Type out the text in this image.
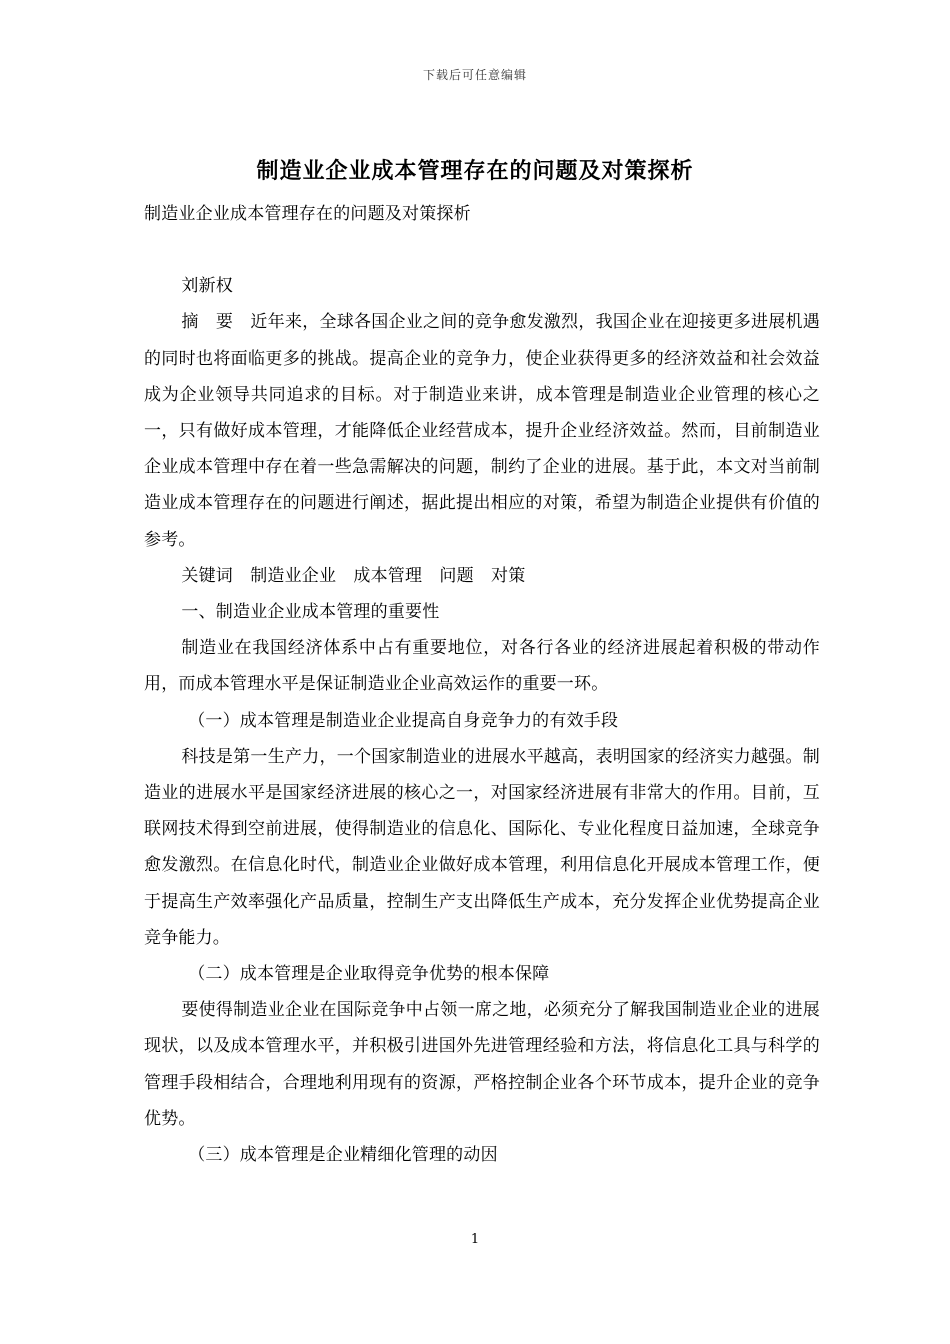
下载后可任意编辑
制造业企业成本管理存在的问题及对策探析

制造业企业成本管理存在的问题及对策探析

刘新权

摘　要　近年来，全球各国企业之间的竞争愈发激烈，我国企业在迎接更多进展机遇的同时也将面临更多的挑战。提高企业的竞争力，使企业获得更多的经济效益和社会效益成为企业领导共同追求的目标。对于制造业来讲，成本管理是制造业企业管理的核心之一，只有做好成本管理，才能降低企业经营成本，提升企业经济效益。然而，目前制造业企业成本管理中存在着一些急需解决的问题，制约了企业的进展。基于此，本文对当前制造业成本管理存在的问题进行阐述，据此提出相应的对策，希望为制造企业提供有价值的参考。

关键词　制造业企业　成本管理　问题　对策

一、制造业企业成本管理的重要性

制造业在我国经济体系中占有重要地位，对各行各业的经济进展起着积极的带动作用，而成本管理水平是保证制造业企业高效运作的重要一环。

（一）成本管理是制造业企业提高自身竞争力的有效手段

科技是第一生产力，一个国家制造业的进展水平越高，表明国家的经济实力越强。制造业的进展水平是国家经济进展的核心之一，对国家经济进展有非常大的作用。目前，互联网技术得到空前进展，使得制造业的信息化、国际化、专业化程度日益加速，全球竞争愈发激烈。在信息化时代，制造业企业做好成本管理，利用信息化开展成本管理工作，便于提高生产效率强化产品质量，控制生产支出降低生产成本，充分发挥企业优势提高企业竞争能力。

（二）成本管理是企业取得竞争优势的根本保障

要使得制造业企业在国际竞争中占领一席之地，必须充分了解我国制造业企业的进展现状，以及成本管理水平，并积极引进国外先进管理经验和方法，将信息化工具与科学的管理手段相结合，合理地利用现有的资源，严格控制企业各个环节成本，提升企业的竞争优势。

（三）成本管理是企业精细化管理的动因

1
